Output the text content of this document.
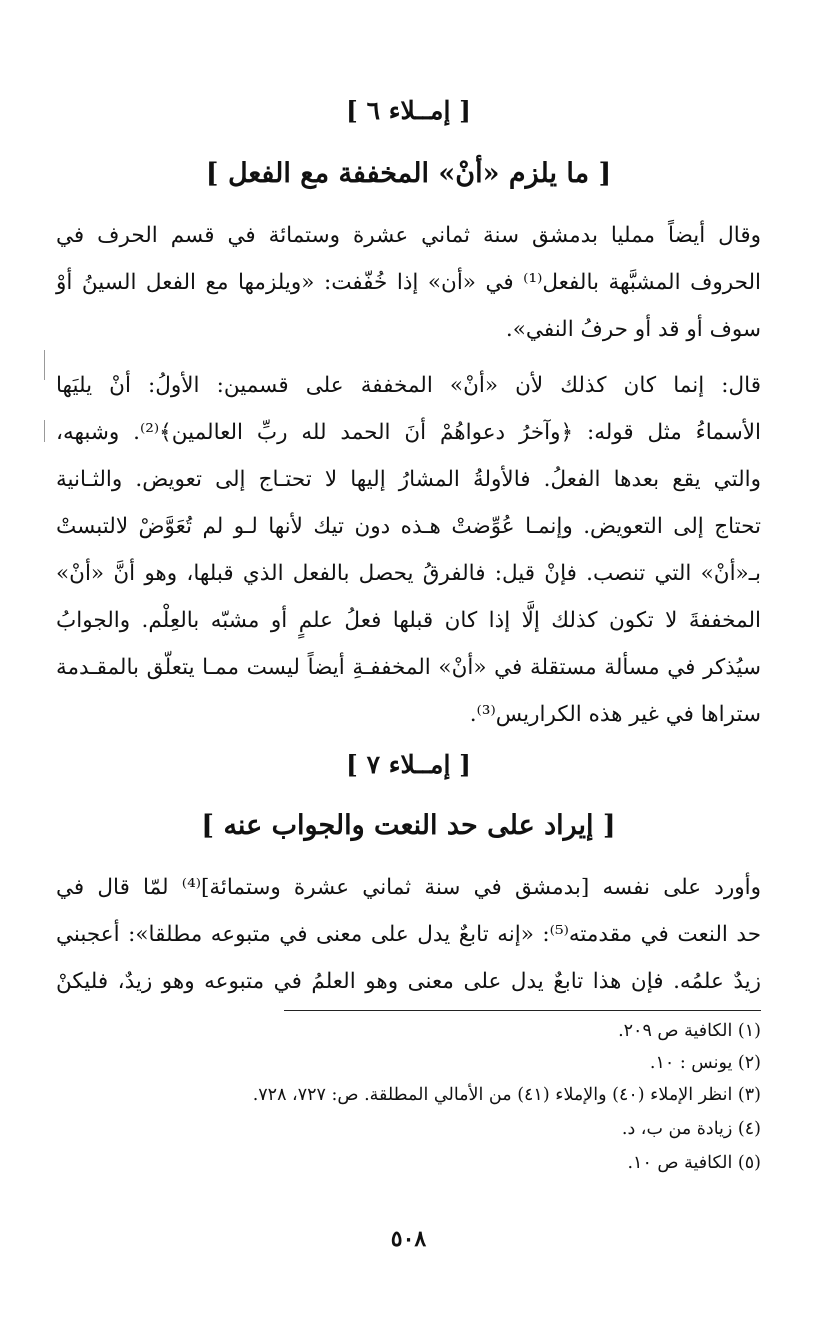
[ إمــلاء ٦ ]
[ ما يلزم «أنْ» المخففة مع الفعل ]
وقال أيضاً ممليا بدمشق سنة ثماني عشرة وستمائة في قسم الحرف في
الحروف المشبَّهة بالفعل⁽¹⁾ في «أن» إذا خُفّفت: «ويلزمها مع الفعل السينُ أوْ
سوف أو قد أو حرفُ النفي».
قال: إنما كان كذلك لأن «أنْ» المخففة على قسمين: الأولُ: أنْ يليَها
الأسماءُ مثل قوله: ﴿وآخرُ دعواهُمْ أنَ الحمد لله ربِّ العالمين﴾⁽²⁾. وشبهه،
والتي يقع بعدها الفعلُ. فالأولةُ المشارُ إليها لا تحتـاج إلى تعويض. والثـانية
تحتاج إلى التعويض. وإنمـا عُوِّضتْ هـذه دون تيك لأنها لـو لم تُعَوَّضْ لالتبستْ
بـ«أنْ» التي تنصب. فإنْ قيل: فالفرقُ يحصل بالفعل الذي قبلها، وهو أنَّ «أنْ»
المخففةَ لا تكون كذلك إلَّا إذا كان قبلها فعلُ علمٍ أو مشبّه بالعِلْم. والجوابُ
سيُذكر في مسألة مستقلة في «أنْ» المخففـةِ أيضاً ليست ممـا يتعلّق بالمقـدمة
ستراها في غير هذه الكراريس⁽³⁾.
[ إمــلاء ٧ ]
[ إيراد على حد النعت والجواب عنه ]
وأورد على نفسه [بدمشق في سنة ثماني عشرة وستمائة]⁽⁴⁾ لمّا قال في
حد النعت في مقدمته⁽⁵⁾: «إنه تابعٌ يدل على معنى في متبوعه مطلقا»: أعجبني
زيدٌ علمُه. فإن هذا تابعٌ يدل على معنى وهو العلمُ في متبوعه وهو زيدٌ، فليكنْ
(١) الكافية ص ٢٠٩.
(٢) يونس : ١٠.
(٣) انظر الإملاء (٤٠) والإملاء (٤١) من الأمالي المطلقة. ص: ٧٢٧، ٧٢٨.
(٤) زيادة من ب، د.
(٥) الكافية ص ١٠.
٥٠٨
